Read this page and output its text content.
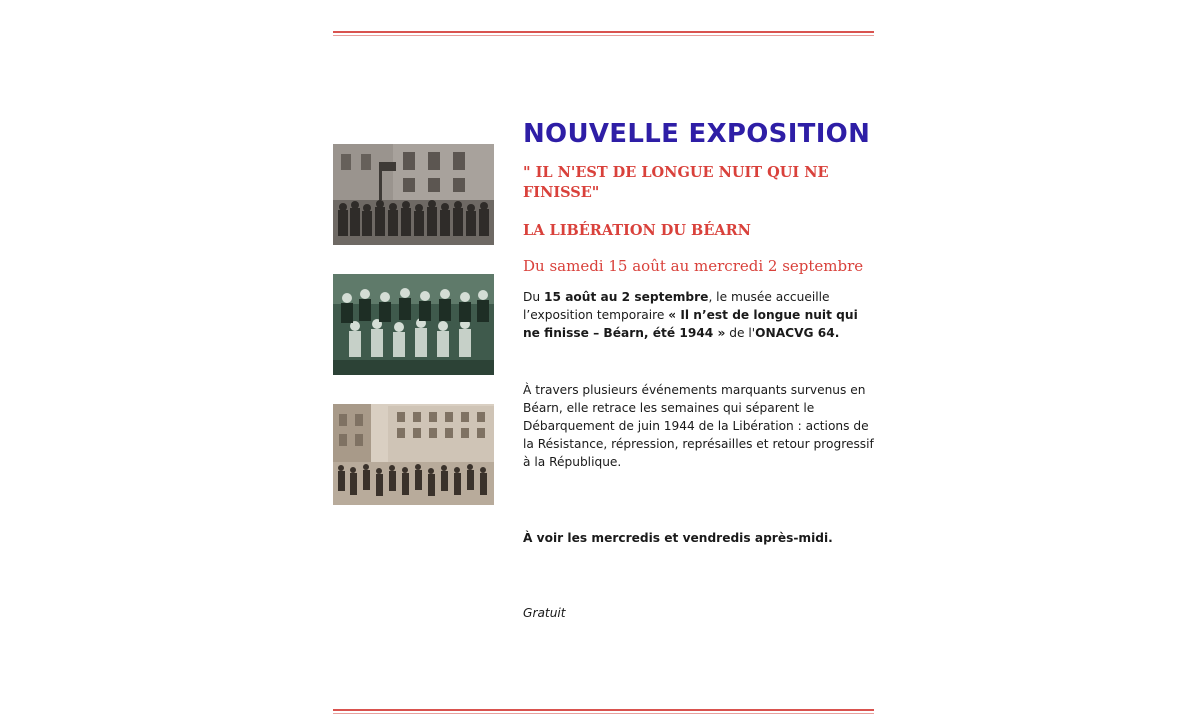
NOUVELLE EXPOSITION
" IL N'EST DE LONGUE NUIT QUI NE FINISSE"
LA LIBÉRATION DU BÉARN

Du samedi 15 août au mercredi 2 septembre

Du 15 août au 2 septembre, le musée accueille l’exposition temporaire « Il n’est de longue nuit qui ne finisse – Béarn, été 1944 » de l'ONACVG 64.

À travers plusieurs événements marquants survenus en Béarn, elle retrace les semaines qui séparent le Débarquement de juin 1944 de la Libération : actions de la Résistance, répression, représailles et retour progressif à la République.

À voir les mercredis et vendredis après-midi.

Gratuit
